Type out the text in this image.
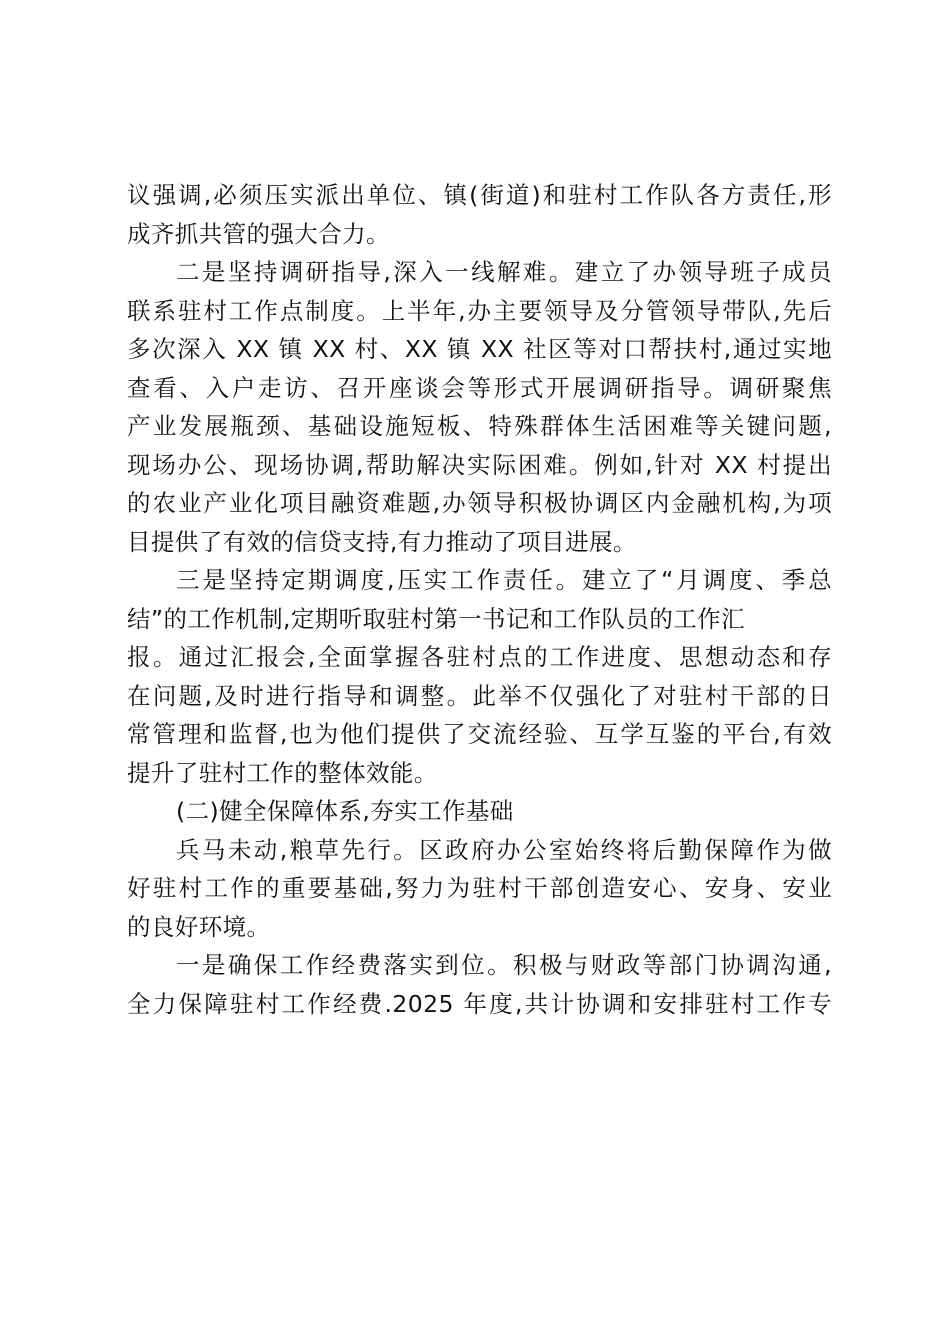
议强调,必须压实派出单位、镇(街道)和驻村工作队各方责任,形
成齐抓共管的强大合力。
二是坚持调研指导,深入一线解难。建立了办领导班子成员
联系驻村工作点制度。上半年,办主要领导及分管领导带队,先后
多次深入 XX 镇 XX 村、XX 镇 XX 社区等对口帮扶村,通过实地
查看、入户走访、召开座谈会等形式开展调研指导。调研聚焦
产业发展瓶颈、基础设施短板、特殊群体生活困难等关键问题,
现场办公、现场协调,帮助解决实际困难。例如,针对 XX 村提出
的农业产业化项目融资难题,办领导积极协调区内金融机构,为项
目提供了有效的信贷支持,有力推动了项目进展。
三是坚持定期调度,压实工作责任。建立了“月调度、季总
结”的工作机制,定期听取驻村第一书记和工作队员的工作汇
报。通过汇报会,全面掌握各驻村点的工作进度、思想动态和存
在问题,及时进行指导和调整。此举不仅强化了对驻村干部的日
常管理和监督,也为他们提供了交流经验、互学互鉴的平台,有效
提升了驻村工作的整体效能。
(二)健全保障体系,夯实工作基础
兵马未动,粮草先行。区政府办公室始终将后勤保障作为做
好驻村工作的重要基础,努力为驻村干部创造安心、安身、安业
的良好环境。
一是确保工作经费落实到位。积极与财政等部门协调沟通,
全力保障驻村工作经费.2025 年度,共计协调和安排驻村工作专
